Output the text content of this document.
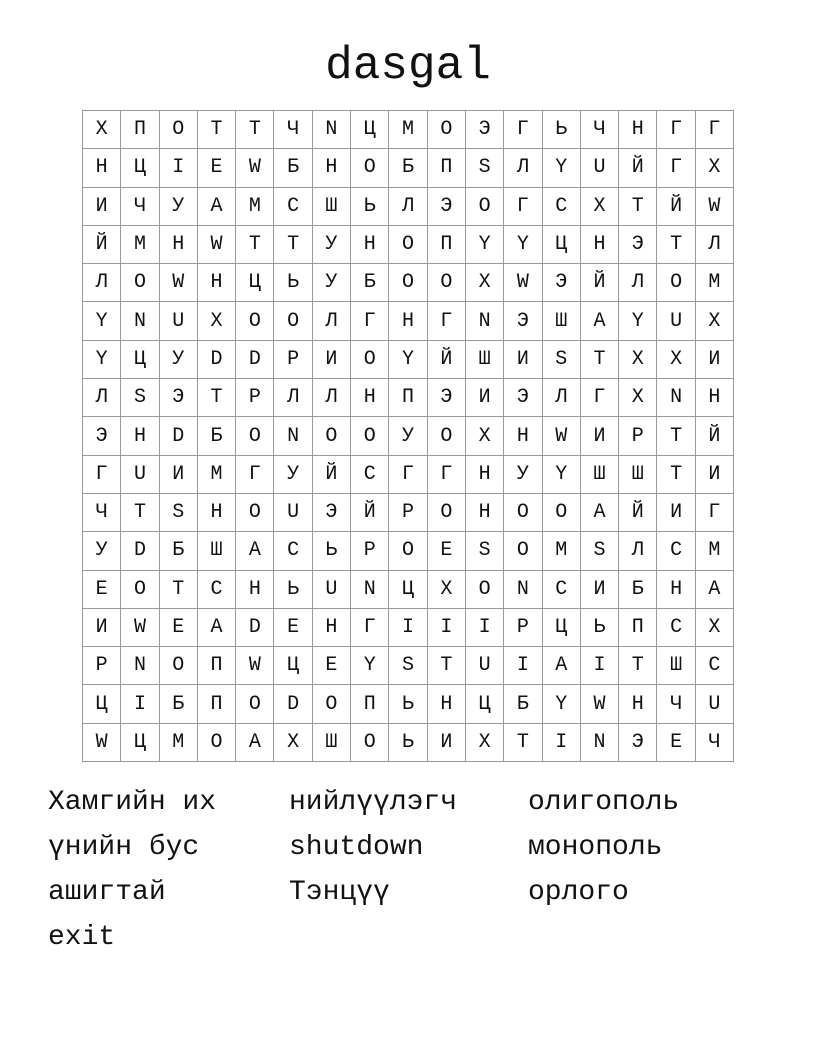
dasgal
Х	П	О	Т	Т	Ч	N	Ц	М	О	Э	Г	Ь	Ч	Н	Г	Г
Н	Ц	I	E	W	Б	Н	О	Б	П	S	Л	Ү	U	Й	Г	Х
И	Ч	У	А	М	С	Ш	Ь	Л	Э	О	Г	С	Х	Т	Й	W
Й	М	Н	W	Т	Т	У	Н	О	П	Ү	Ү	Ц	Н	Э	Т	Л
Л	О	W	Н	Ц	Ь	У	Б	О	О	Х	W	Э	Й	Л	О	М
Ү	N	U	Х	О	О	Л	Г	Н	Г	N	Э	Ш	А	Ү	U	Х
Ү	Ц	У	D	D	Р	И	О	Ү	Й	Ш	И	S	T	Х	Х	И
Л	S	Э	Т	Р	Л	Л	Н	П	Э	И	Э	Л	Г	Х	N	Н
Э	Н	D	Б	О	N	О	О	У	О	Х	Н	W	И	Р	Т	Й
Г	U	И	М	Г	У	Й	С	Г	Г	Н	У	Ү	Ш	Ш	Т	И
Ч	Т	S	Н	О	U	Э	Й	Р	О	Н	О	О	А	Й	И	Г
У	D	Б	Ш	А	С	Ь	Р	О	Е	S	О	М	S	Л	С	М
Е	О	Т	С	Н	Ь	U	N	Ц	Х	О	N	С	И	Б	Н	А
И	W	E	A	D	E	Н	Г	I	I	I	Р	Ц	Ь	П	С	Х
Р	N	О	П	W	Ц	Е	Ү	S	Т	U	I	А	I	Т	Ш	С
Ц	I	Б	П	О	D	О	П	Ь	Н	Ц	Б	Ү	W	Н	Ч	U
W	Ц	М	О	А	Х	Ш	О	Ь	И	Х	Т	I	N	Э	Е	Ч
Хамгийн их	нийлүүлэгч	олигополь
үнийн бус	shutdown	монополь
ашигтай	Тэнцүү	орлого
exit
